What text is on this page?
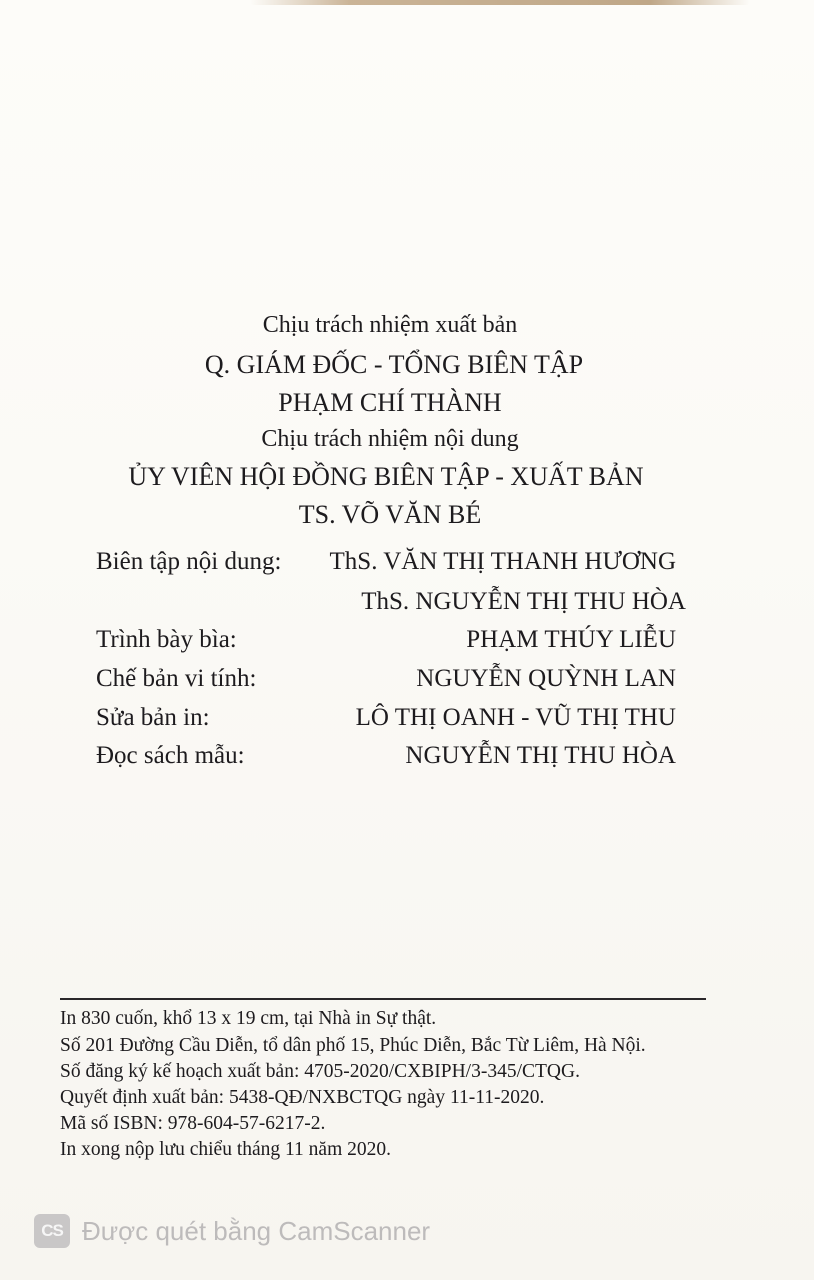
Chịu trách nhiệm xuất bản
Q. GIÁM ĐỐC - TỔNG BIÊN TẬP
PHẠM CHÍ THÀNH
Chịu trách nhiệm nội dung
ỦY VIÊN HỘI ĐỒNG BIÊN TẬP - XUẤT BẢN
TS. VÕ VĂN BÉ
Biên tập nội dung: ThS. VĂN THỊ THANH HƯƠNG
ThS. NGUYỄN THỊ THU HÒA
Trình bày bìa:	PHẠM THÚY LIỄU
Chế bản vi tính:	NGUYỄN QUỲNH LAN
Sửa bản in:	LÔ THỊ OANH - VŨ THỊ THU
Đọc sách mẫu:	NGUYỄN THỊ THU HÒA
In 830 cuốn, khổ 13 x 19 cm, tại Nhà in Sự thật.
Số 201 Đường Cầu Diễn, tổ dân phố 15, Phúc Diễn, Bắc Từ Liêm, Hà Nội.
Số đăng ký kế hoạch xuất bản: 4705-2020/CXBIPH/3-345/CTQG.
Quyết định xuất bản: 5438-QĐ/NXBCTQG ngày 11-11-2020.
Mã số ISBN: 978-604-57-6217-2.
In xong nộp lưu chiểu tháng 11 năm 2020.
CS Được quét bằng CamScanner
